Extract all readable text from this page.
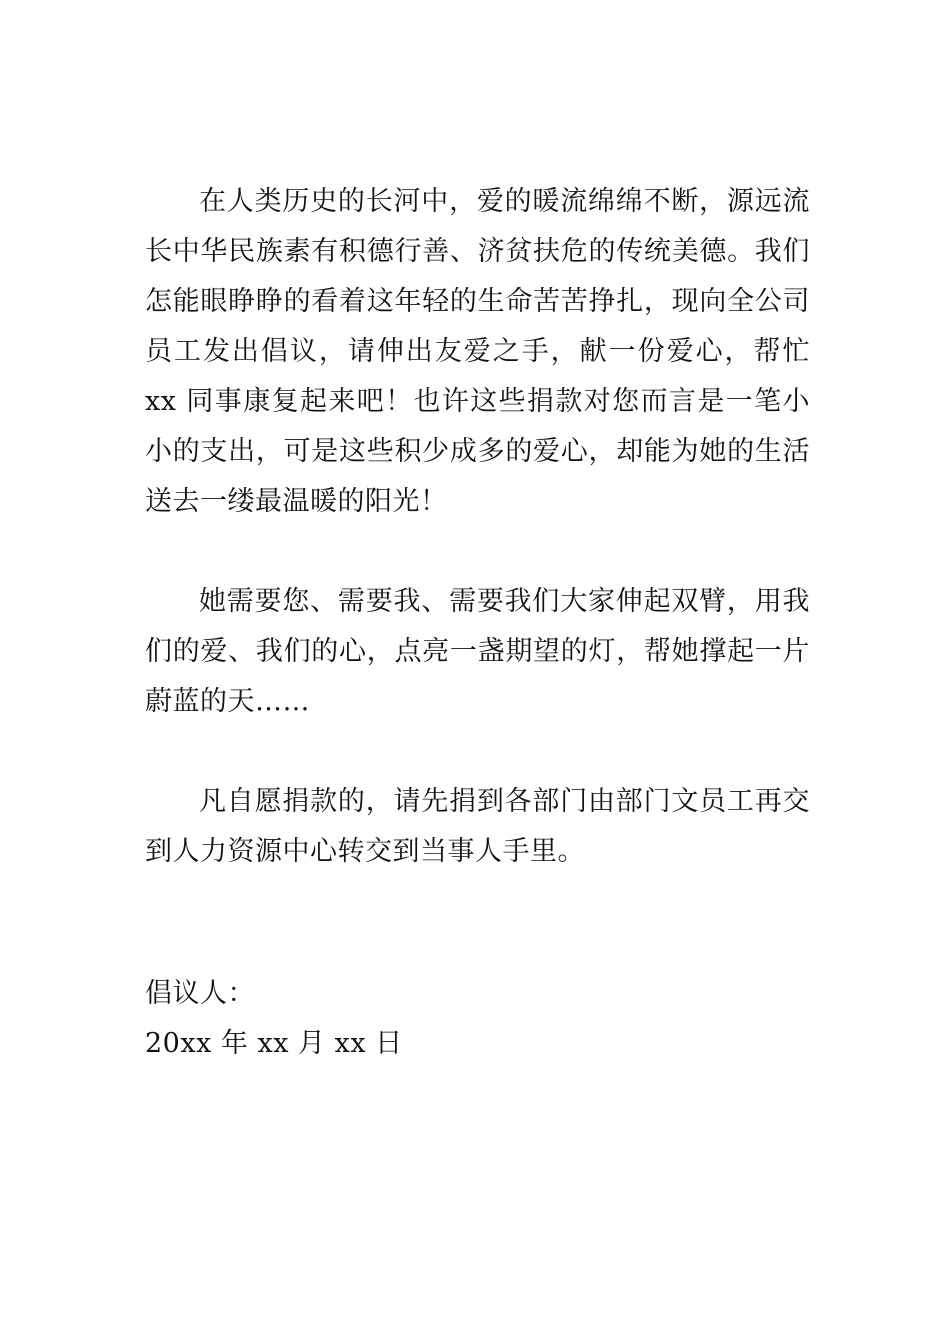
在人类历史的长河中，爱的暖流绵绵不断，源远流长中华民族素有积德行善、济贫扶危的传统美德。我们怎能眼睁睁的看着这年轻的生命苦苦挣扎，现向全公司员工发出倡议，请伸出友爱之手，献一份爱心，帮忙 xx 同事康复起来吧！也许这些捐款对您而言是一笔小小的支出，可是这些积少成多的爱心，却能为她的生活送去一缕最温暖的阳光！

她需要您、需要我、需要我们大家伸起双臂，用我们的爱、我们的心，点亮一盏期望的灯，帮她撑起一片蔚蓝的天……

凡自愿捐款的，请先捐到各部门由部门文员工再交到人力资源中心转交到当事人手里。

倡议人：

20xx 年 xx 月 xx 日
